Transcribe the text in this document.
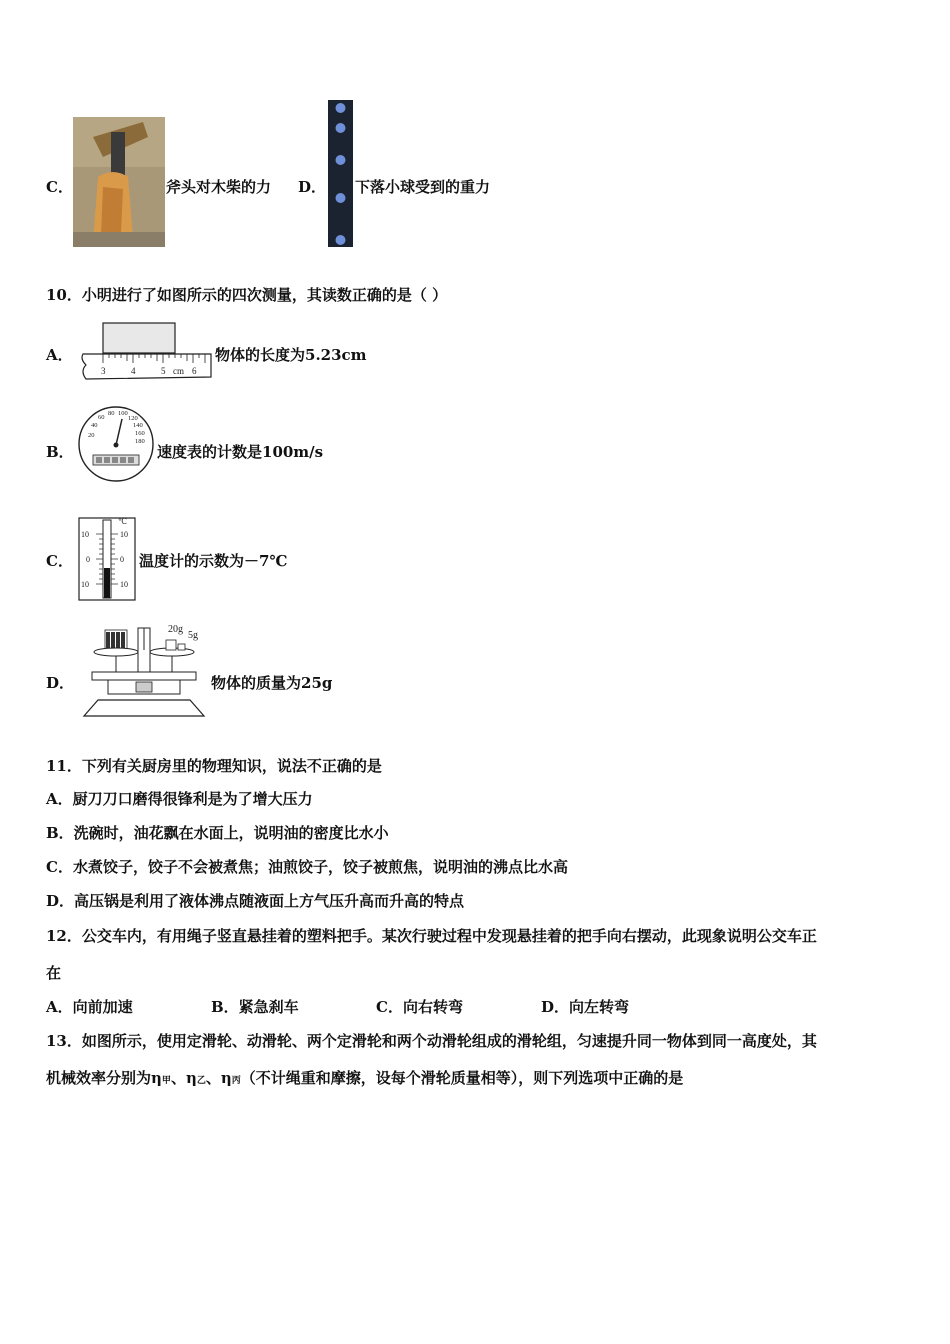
C．	斧头对木柴的力 D． 下落小球受到的重力
10．小明进行了如图所示的四次测量，其读数正确的是（ ）
A．
3	4	5 cm 6
物体的长度为5.23cm
B．
20
40
60
80 100
120
140
160
180
速度表的计数是100m/s
C．
10
0
10
10
0
10
℃
温度计的示数为－7℃
D．
20g
5g
物体的质量为25g
11．下列有关厨房里的物理知识，说法不正确的是
A．厨刀刀口磨得很锋利是为了增大压力
B．洗碗时，油花飘在水面上，说明油的密度比水小
C．水煮饺子，饺子不会被煮焦；油煎饺子，饺子被煎焦，说明油的沸点比水高
D．高压锅是利用了液体沸点随液面上方气压升高而升高的特点
12．公交车内，有用绳子竖直悬挂着的塑料把手。某次行驶过程中发现悬挂着的把手向右摆动，此现象说明公交车正
在
A．向前加速	B．紧急刹车	C．向右转弯	D．向左转弯
13．如图所示，使用定滑轮、动滑轮、两个定滑轮和两个动滑轮组成的滑轮组，匀速提升同一物体到同一高度处，其
机械效率分别为η甲、η乙、η丙（不计绳重和摩擦，设每个滑轮质量相等），则下列选项中正确的是
